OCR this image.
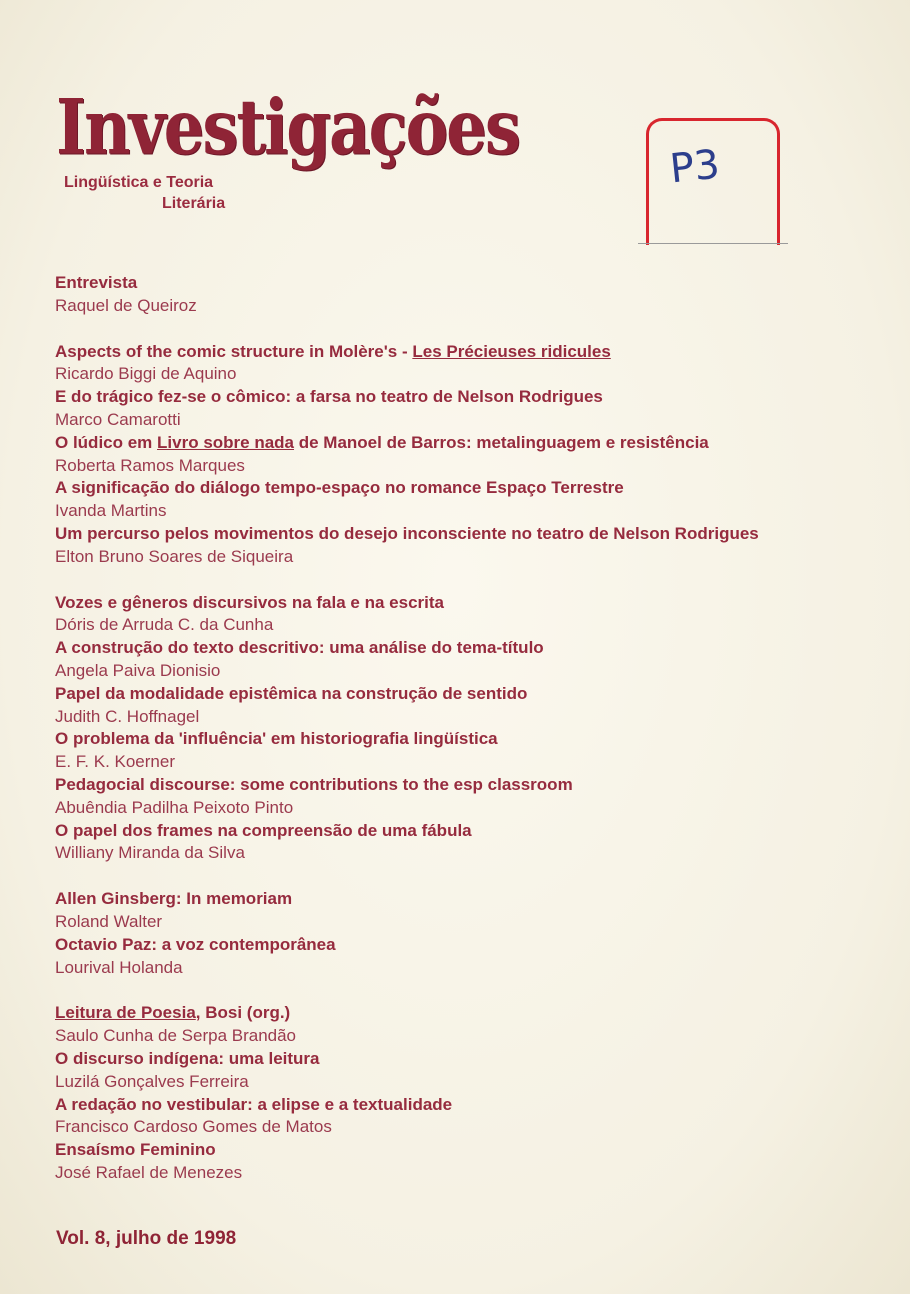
Investigações
Lingüística e Teoria
Literária
P3
Entrevista
Raquel de Queiroz
Aspects of the comic structure in Molère's - Les Précieuses ridicules
Ricardo Biggi de Aquino
E do trágico fez-se o cômico: a farsa no teatro de Nelson Rodrigues
Marco Camarotti
O lúdico em Livro sobre nada de Manoel de Barros: metalinguagem e resistência
Roberta Ramos Marques
A significação do diálogo tempo-espaço no romance Espaço Terrestre
Ivanda Martins
Um percurso pelos movimentos do desejo inconsciente no teatro de Nelson Rodrigues
Elton Bruno Soares de Siqueira
Vozes e gêneros discursivos na fala e na escrita
Dóris de Arruda C. da Cunha
A construção do texto descritivo: uma análise do tema-título
Angela Paiva Dionisio
Papel da modalidade epistêmica na construção de sentido
Judith C. Hoffnagel
O problema da 'influência' em historiografia lingüística
E. F. K. Koerner
Pedagocial discourse: some contributions to the esp classroom
Abuêndia Padilha Peixoto Pinto
O papel dos frames na compreensão de uma fábula
Williany Miranda da Silva
Allen Ginsberg: In memoriam
Roland Walter
Octavio Paz: a voz contemporânea
Lourival Holanda
Leitura de Poesia, Bosi (org.)
Saulo Cunha de Serpa Brandão
O discurso indígena: uma leitura
Luzilá Gonçalves Ferreira
A redação no vestibular: a elipse e a textualidade
Francisco Cardoso Gomes de Matos
Ensaísmo Feminino
José Rafael de Menezes
Vol. 8, julho de 1998
